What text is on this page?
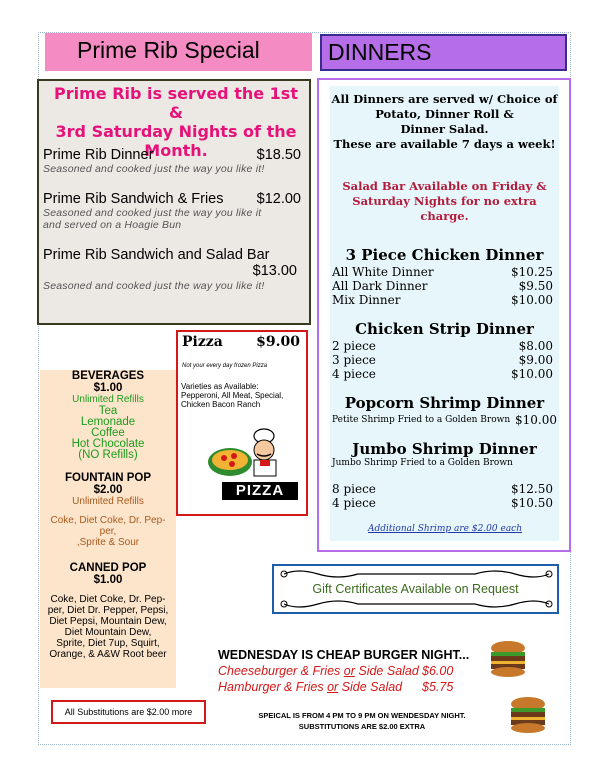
Prime Rib Special	DINNERS
Prime Rib is served the 1st &
3rd Saturday Nights of the
Month.
Prime Rib Dinner	$18.50
Seasoned and cooked just the way you like it!
Prime Rib Sandwich & Fries	$12.00
Seasoned and cooked just the way you like it
and served on a Hoagie Bun
Prime Rib Sandwich and Salad Bar
$13.00
Seasoned and cooked just the way you like it!
All Dinners are served w/ Choice of
Potato, Dinner Roll &
Dinner Salad.
These are available 7 days a week!
Salad Bar Available on Friday &
Saturday Nights for no extra
charge.
3 Piece Chicken Dinner
All White Dinner	$10.25
All Dark Dinner	$9.50
Mix Dinner	$10.00
Chicken Strip Dinner
2 piece	$8.00
3 piece	$9.00
4 piece	$10.00
Popcorn Shrimp Dinner
Petite Shrimp Fried to a Golden Brown $10.00
Jumbo Shrimp Dinner
Jumbo Shrimp Fried to a Golden Brown
8 piece	$12.50
4 piece	$10.50
Additional Shrimp are $2.00 each
BEVERAGES
$1.00
Unlimited Refills
Tea
Lemonade
Coffee
Hot Chocolate
(NO Refills)
FOUNTAIN POP
$2.00
Unlimited Refills
Coke, Diet Coke, Dr. Pep-
per,
,Sprite & Sour
CANNED POP
$1.00
Coke, Diet Coke, Dr. Pep-
per, Diet Dr. Pepper, Pepsi,
Diet Pepsi, Mountain Dew,
Diet Mountain Dew,
Sprite, Diet 7up, Squirt,
Orange, & A&W Root beer
Pizza $9.00
Not your every day frozen Pizza
Varieties as Available:
Pepperoni, All Meat, Special,
Chicken Bacon Ranch
PIZZA
Gift Certificates Available on Request
WEDNESDAY IS CHEAP BURGER NIGHT...
Cheeseburger & Fries or Side Salad $6.00
Hamburger & Fries or Side Salad $5.75
SPEICAL IS FROM 4 PM TO 9 PM ON WENDESDAY NIGHT.
SUBSTITUTIONS ARE $2.00 EXTRA
All Substitutions are $2.00 more
